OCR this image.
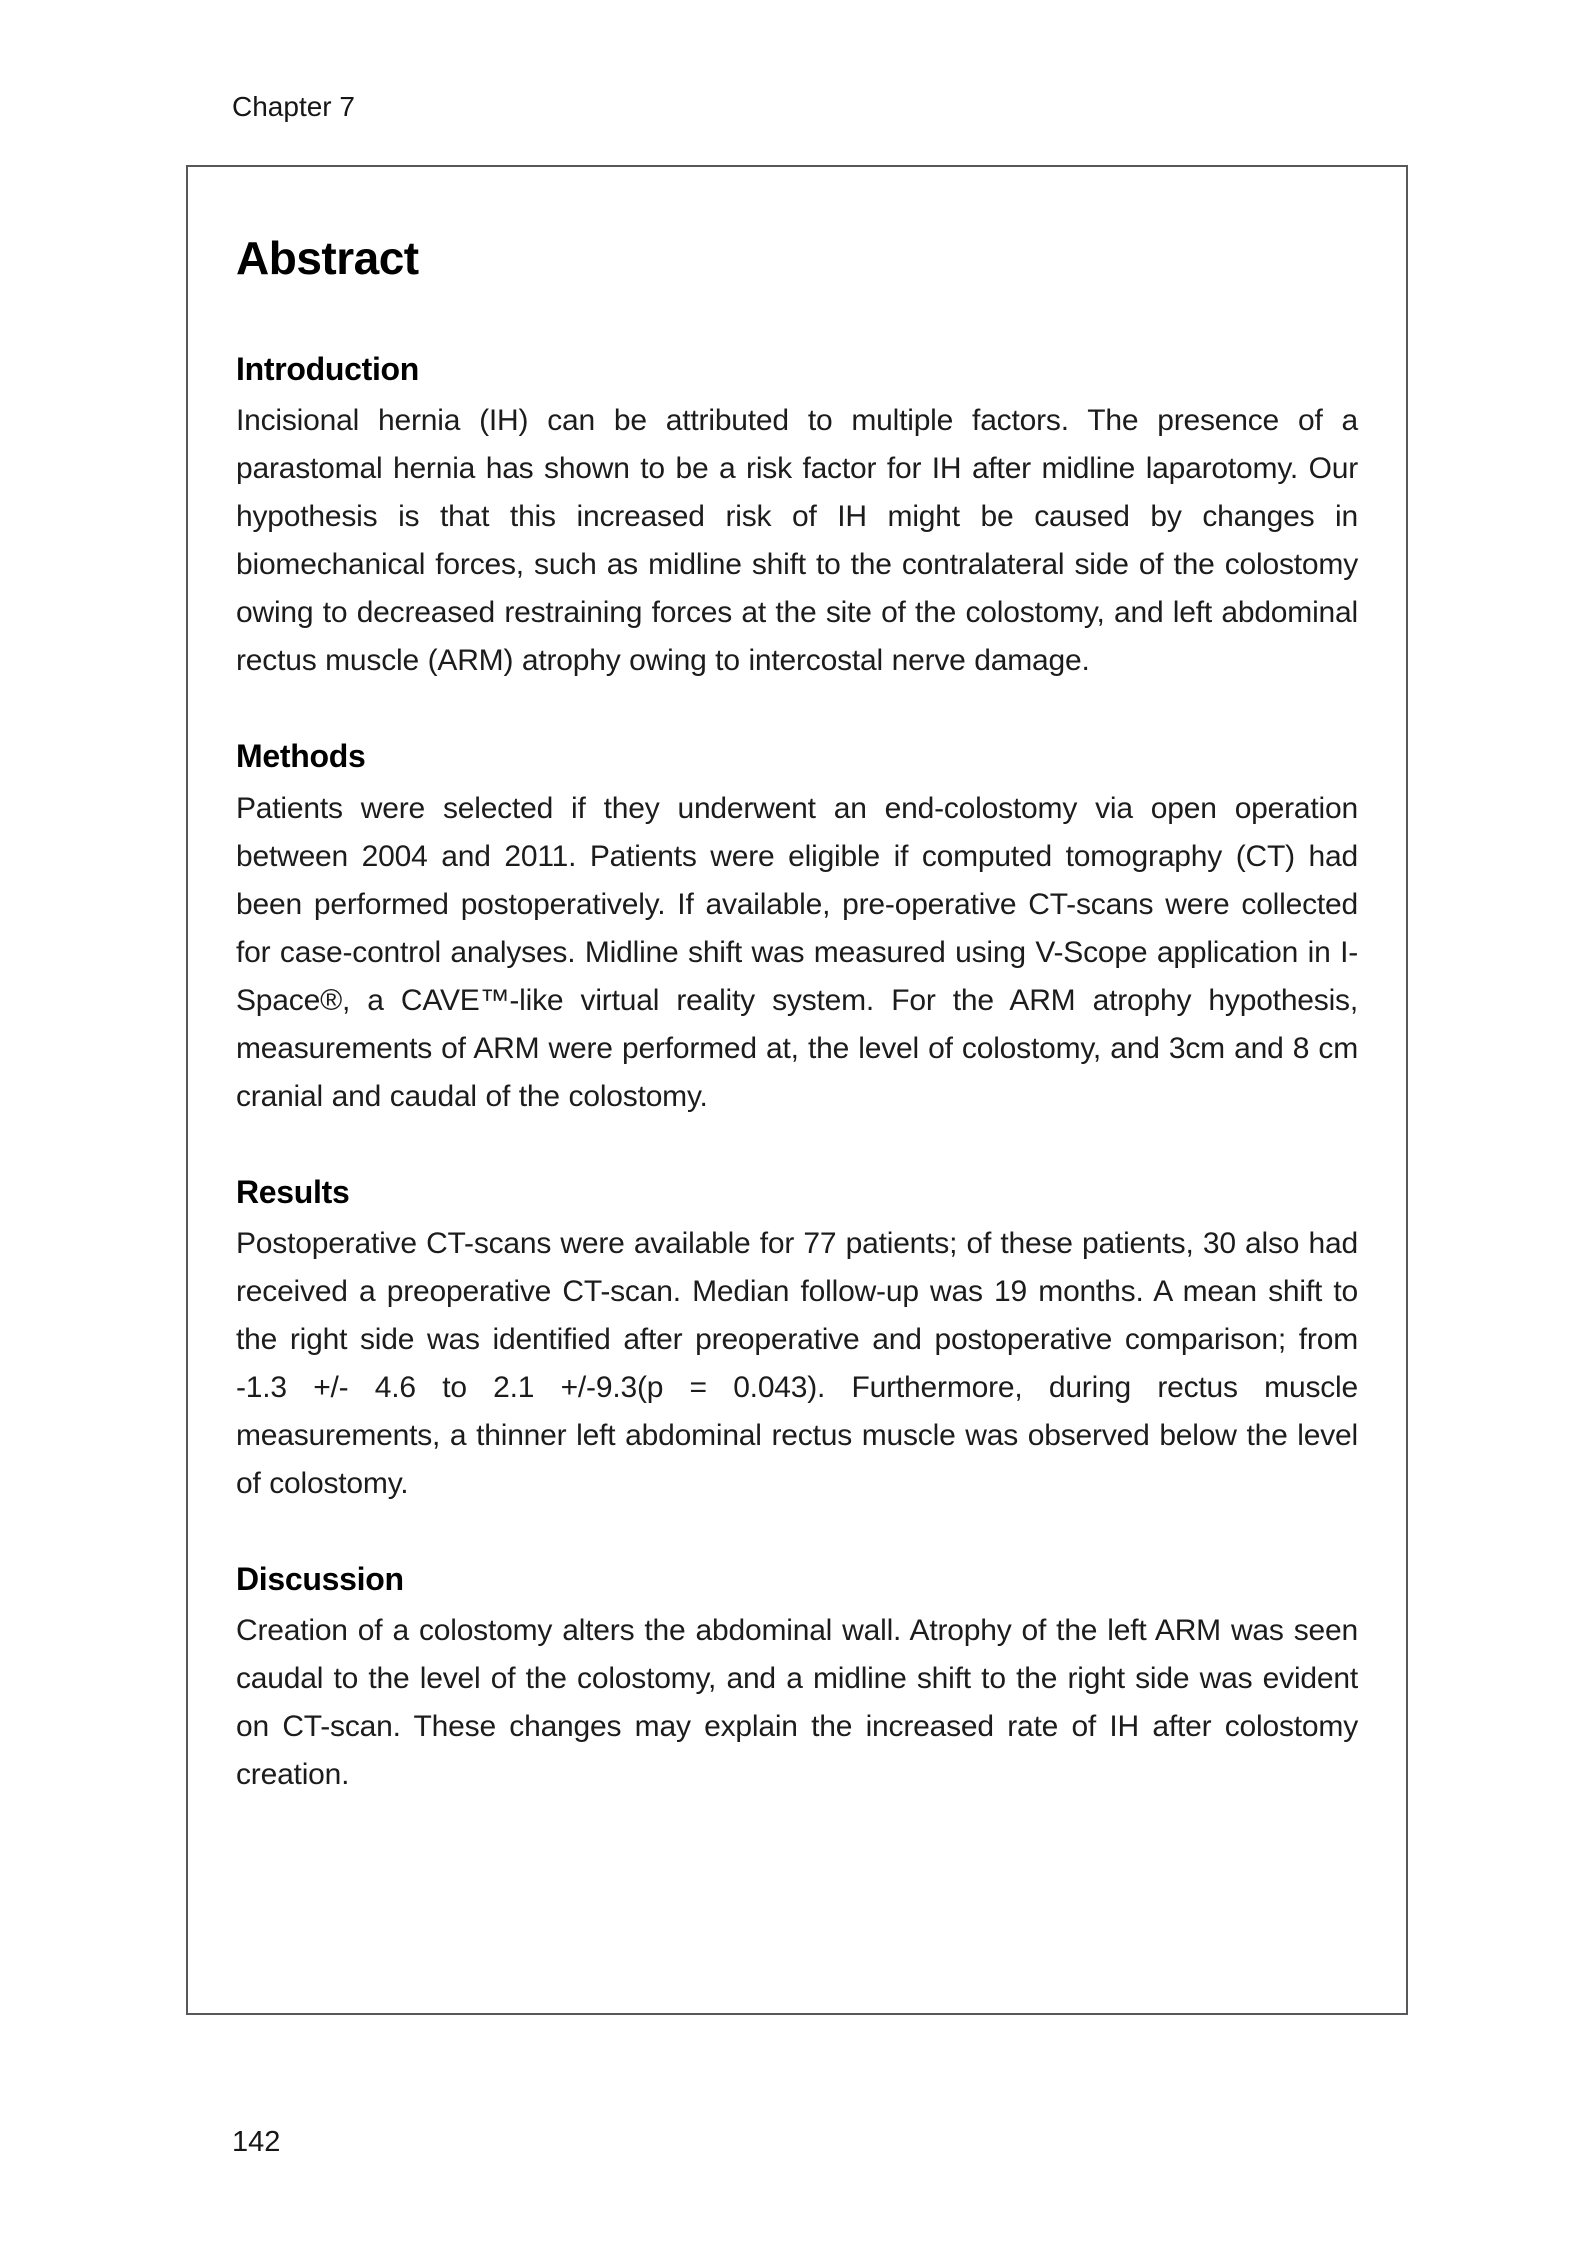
Chapter 7
Abstract
Introduction

Incisional hernia (IH) can be attributed to multiple factors. The presence of a parastomal hernia has shown to be a risk factor for IH after midline laparotomy. Our hypothesis is that this increased risk of IH might be caused by changes in biomechanical forces, such as midline shift to the contralateral side of the colostomy owing to decreased restraining forces at the site of the colostomy, and left abdominal rectus muscle (ARM) atrophy owing to intercostal nerve damage.

Methods

Patients were selected if they underwent an end-colostomy via open operation between 2004 and 2011. Patients were eligible if computed tomography (CT) had been performed postoperatively. If available, pre-operative CT-scans were collected for case-control analyses. Midline shift was measured using V-Scope application in I-Space®, a CAVE™-like virtual reality system. For the ARM atrophy hypothesis, measurements of ARM were performed at, the level of colostomy, and 3cm and 8 cm cranial and caudal of the colostomy.

Results

Postoperative CT-scans were available for 77 patients; of these patients, 30 also had received a preoperative CT-scan. Median follow-up was 19 months. A mean shift to the right side was identified after preoperative and postoperative comparison; from -1.3 +/- 4.6 to 2.1 +/-9.3(p = 0.043). Furthermore, during rectus muscle measurements, a thinner left abdominal rectus muscle was observed below the level of colostomy.

Discussion

Creation of a colostomy alters the abdominal wall. Atrophy of the left ARM was seen caudal to the level of the colostomy, and a midline shift to the right side was evident on CT-scan. These changes may explain the increased rate of IH after colostomy creation.

142
